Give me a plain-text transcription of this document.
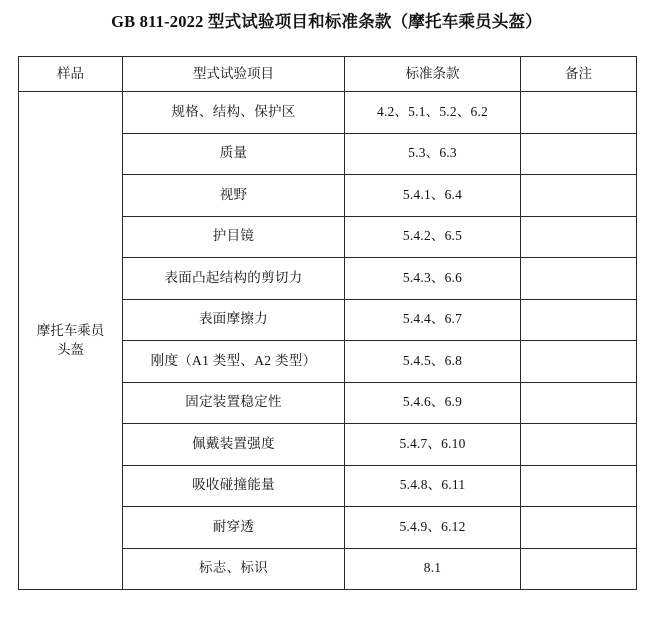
GB 811-2022 型式试验项目和标准条款（摩托车乘员头盔）
样品	型式试验项目	标准条款	备注

摩托车乘员
头盔	规格、结构、保护区	4.2、5.1、5.2、6.2	
	质量	5.3、6.3	
	视野	5.4.1、6.4	
	护目镜	5.4.2、6.5	
	表面凸起结构的剪切力	5.4.3、6.6	
	表面摩擦力	5.4.4、6.7	
	刚度（A1 类型、A2 类型）	5.4.5、6.8	
	固定装置稳定性	5.4.6、6.9	
	佩戴装置强度	5.4.7、6.10	
	吸收碰撞能量	5.4.8、6.11	
	耐穿透	5.4.9、6.12	
	标志、标识	8.1	
